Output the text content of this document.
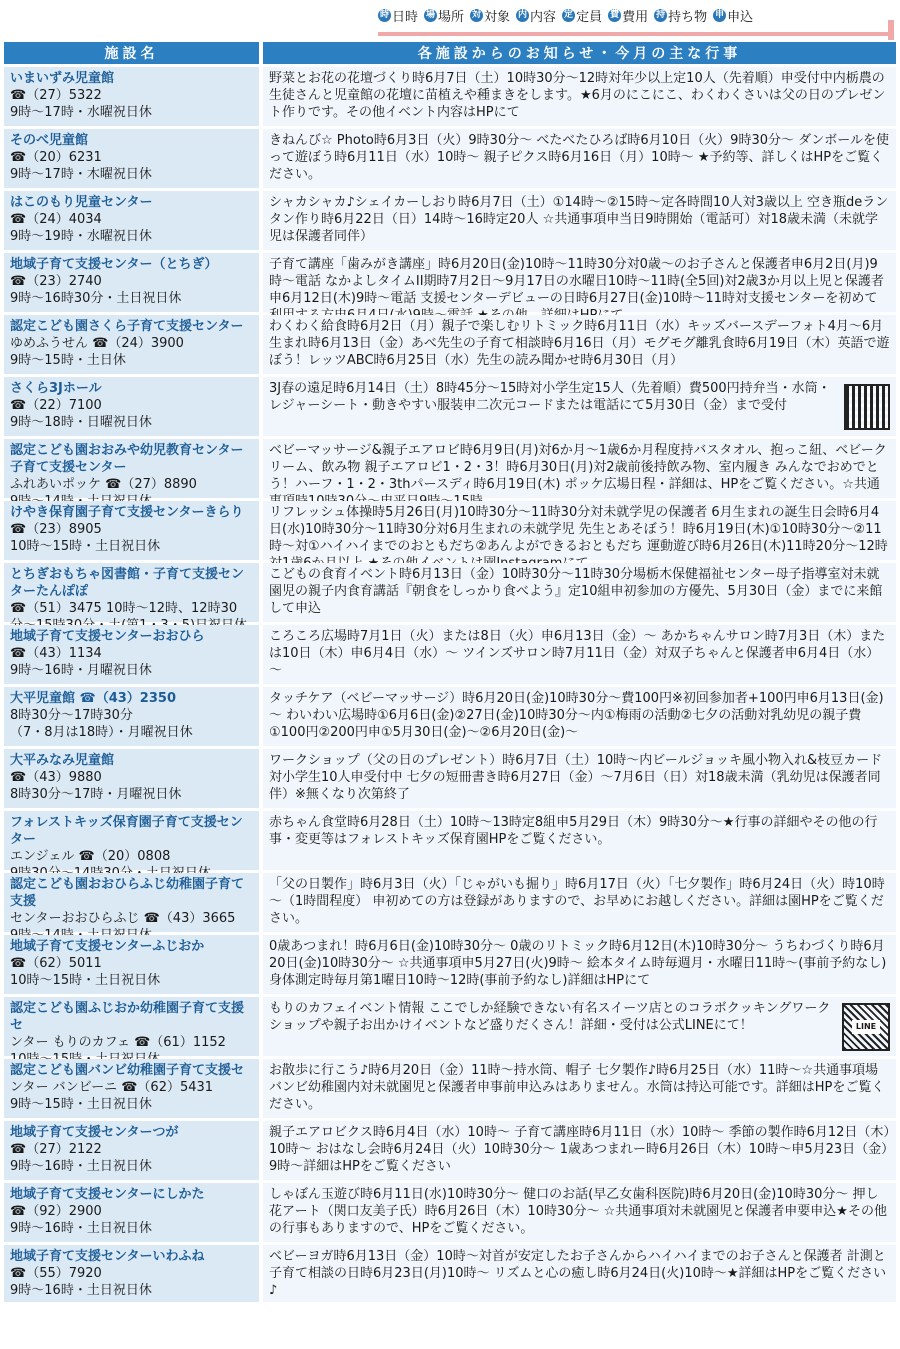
時 日時 場 場所 対 対象 内 内容 定 定員 費 費用 持 持ち物 申 申込
施設名	各施設からのお知らせ・今月の主な行事
いまいずみ児童館
☎（27）5322
9時～17時・水曜祝日休
野菜とお花の花壇づくり時6月7日（土）10時30分～12時対年少以上定10人（先着順）申受付中内栃農の生徒さんと児童館の花壇に苗植えや種まきをします。★6月のにこにこ、わくわくさいは父の日のプレゼント作りです。その他イベント内容はHPにて
そのべ児童館
☎（20）6231
9時～17時・木曜祝日休
きねんび☆ Photo時6月3日（火）9時30分～ べたべたひろば時6月10日（火）9時30分～ ダンボールを使って遊ぼう時6月11日（水）10時～ 親子ピクス時6月16日（月）10時～ ★予約等、詳しくはHPをご覧ください。
はこのもり児童センター
☎（24）4034
9時～19時・水曜祝日休
シャカシャカ♪シェイカーしおり時6月7日（土）①14時～②15時～定各時間10人対3歳以上 空き瓶deランタン作り時6月22日（日）14時～16時定20人 ☆共通事項申当日9時開始（電話可）対18歳未満（未就学児は保護者同伴）
地域子育て支援センター（とちぎ）
☎（23）2740
9時～16時30分・土日祝日休
子育て講座「歯みがき講座」時6月20日(金)10時～11時30分対0歳～のお子さんと保護者申6月2日(月)9時～電話 なかよしタイムII期時7月2日～9月17日の水曜日10時～11時(全5回)対2歳3か月以上児と保護者申6月12日(木)9時～電話 支援センターデビューの日時6月27日(金)10時～11時対支援センターを初めて
認定こども園さくら子育て支援センター
ゆめふうせん ☎（24）3900
9時～15時・土日休
わくわく給食時6月2日（月）親子で楽しむリトミック時6月11日（水）キッズバースデーフォト4月～6月生まれ時6月13日（金）あべ先生の子育て相談時6月16日（月）モグモグ離乳食時6月19日（木）英語で遊ぼう！レッツABC時6月25日（水）先生の読み聞かせ時6月30日（月）
さくら3Jホール
☎（22）7100
9時～18時・日曜祝日休
3J春の遠足時6月14日（土）8時45分～15時対小学生定15人（先着順）費500円持弁当・水筒・レジャーシート・動きやすい服装申二次元コードまたは電話にて5月30日（金）まで受付
認定こども園おおみや幼児教育センター子育て支援センター
ふれあいポッケ ☎（27）8890
ベビーマッサージ&親子エアロビ時6月9日(月)対6か月～1歳6か月程度持バスタオル、抱っこ紐、ベビークリーム、飲み物 親子エアロビ1・2・3！時6月30日(月)対2歳前後持飲み物、室内履き みんなでおめでとう！ハーフ・1・2・3thパースディ時6月19日(木) ポッケ広場日程・詳細は、HPをご覧ください。☆共通
けやき保育園子育て支援センターきらり
☎（23）8905
10時～15時・土日祝日休
リフレッシュ体操時5月26日(月)10時30分～11時30分対未就学児の保護者 6月生まれの誕生日会時6月4日(水)10時30分～11時30分対6月生まれの未就学児 先生とあそぼう！時6月19日(木)①10時30分～②11時～対①ハイハイまでのおともだち②あんよができるおともだち 運動遊び時6月26日(木)11時20分～12時
とちぎおもちゃ図書館・子育て支援センターたんぽぽ
☎（51）3475 10時～12時、12時30
こどもの食育イベント時6月13日（金）10時30分～11時30分場栃木保健福祉センター母子指導室対未就園児の親子内食育講話『朝食をしっかり食べよう』定10組申初参加の方優先、5月30日（金）までに来館して申込
地域子育て支援センターおおひら
☎（43）1134
9時～16時・月曜祝日休
ころころ広場時7月1日（火）または8日（火）申6月13日（金）～ あかちゃんサロン時7月3日（木）または10日（木）申6月4日（水）～ ツインズサロン時7月11日（金）対双子ちゃんと保護者申6月4日（水）～
大平児童館 ☎（43）2350
8時30分～17時30分
（7・8月は18時）・月曜祝日休
タッチケア（ベビーマッサージ）時6月20日(金)10時30分～費100円※初回参加者+100円申6月13日(金)～ わいわい広場時①6月6日(金)②27日(金)10時30分～内①梅雨の活動②七夕の活動対乳幼児の親子費①100円②200円申①5月30日(金)～②6月20日(金)～
大平みなみ児童館
☎（43）9880
8時30分～17時・月曜祝日休
ワークショップ（父の日のプレゼント）時6月7日（土）10時～内ビールジョッキ風小物入れ&枝豆カード対小学生10人申受付中 七夕の短冊書き時6月27日（金）～7月6日（日）対18歳未満（乳幼児は保護者同伴）※無くなり次第終了
フォレストキッズ保育園子育て支援センター
エンジェル ☎（20）0808
赤ちゃん食堂時6月28日（土）10時～13時定8組申5月29日（木）9時30分～★行事の詳細やその他の行事・変更等はフォレストキッズ保育園HPをご覧ください。
認定こども園おおひらふじ幼稚園子育て支援
センターおおひらふじ ☎（43）3665
「父の日製作」時6月3日（火）「じゃがいも掘り」時6月17日（火）「七夕製作」時6月24日（火）時10時～（1時間程度） 申初めての方は登録がありますので、お早めにお越しください。詳細は園HPをご覧ください。
地域子育て支援センターふじおか
☎（62）5011
10時～15時・土日祝日休
0歳あつまれ！時6月6日(金)10時30分～ 0歳のリトミック時6月12日(木)10時30分～ うちわづくり時6月20日(金)10時30分～ ☆共通事項申5月27日(火)9時～ 絵本タイム時毎週月・水曜日11時～(事前予約なし) 身体測定時毎月第1曜日10時～12時(事前予約なし)詳細はHPにて
認定こども園ふじおか幼稚園子育て支援セ
ンター もりのカフェ ☎（61）1152
もりのカフェイベント情報 ここでしか経験できない有名スイーツ店とのコラボクッキングワークショップや親子お出かけイベントなど盛りだくさん！詳細・受付は公式LINEにて！	LINE
認定こども園バンビ幼稚園子育て支援セ
ンター バンビーニ ☎（62）5431
9時～15時・土日祝日休
お散歩に行こう♪時6月20日（金）11時～持水筒、帽子 七夕製作♪時6月25日（水）11時～☆共通事項場バンビ幼稚園内対未就園児と保護者申事前申込みはありません。水筒は持込可能です。詳細はHPをご覧ください。
地域子育て支援センターつが
☎（27）2122
9時～16時・土日祝日休
親子エアロビクス時6月4日（水）10時～ 子育て講座時6月11日（水）10時～ 季節の製作時6月12日（木）10時～ おはなし会時6月24日（火）10時30分～ 1歳あつまれー時6月26日（木）10時～申5月23日（金）9時～詳細はHPをご覧ください
地域子育て支援センターにしかた
☎（92）2900
9時～16時・土日祝日休
しゃぼん玉遊び時6月11日(水)10時30分～ 健口のお話(早乙女歯科医院)時6月20日(金)10時30分～ 押し花アート（関口友美子氏）時6月26日（木）10時30分～ ☆共通事項対未就園児と保護者申要申込★その他の行事もありますので、HPをご覧ください。
地域子育て支援センターいわふね
☎（55）7920
9時～16時・土日祝日休
ベビーヨガ時6月13日（金）10時～対首が安定したお子さんからハイハイまでのお子さんと保護者 計測と子育て相談の日時6月23日(月)10時～ リズムと心の癒し時6月24日(火)10時～★詳細はHPをご覧ください♪
